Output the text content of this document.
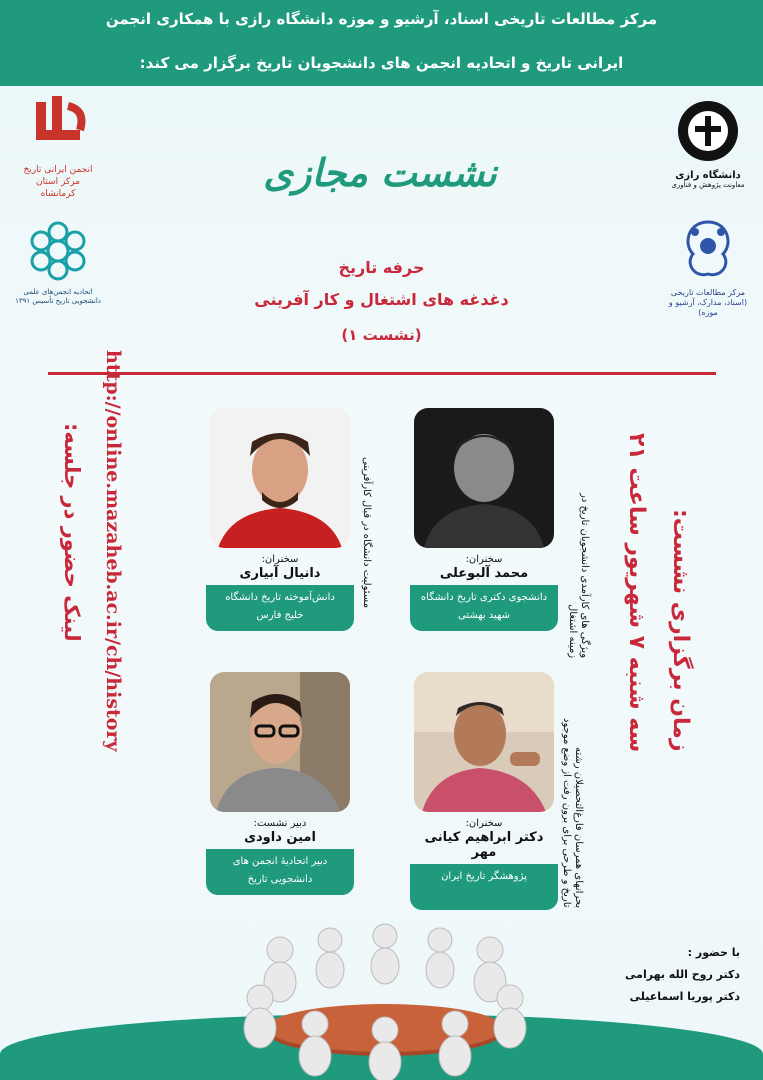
مرکز مطالعات تاریخی اسناد، آرشیو و موزه دانشگاه رازی با همکاری انجمن
ایرانی تاریخ و اتحادیه انجمن های دانشجویان تاریخ برگزار می کند:
انجمن ایرانی تاریخ مرکز استان کرمانشاه
اتحادیه انجمن‌های علمی دانشجویی تاریخ تأسیس ۱۳۹۱
دانشگاه رازی
معاونت پژوهش و فناوری
مرکز مطالعات تاریخی (اسناد، مدارک، آرشیو و موزه)
نشست مجازی
حرفه تاریخ
دغدغه های اشتغال و کار آفرینی
(نشست ۱)
زمان برگزاری نشست:
سه شنبه ۷ شهریور ساعت ۲۱
لینک حضور در جلسه: http://online.mazaheb.ac.ir/ch/history	سخنران:
محمد آلبوعلی
دانشجوی دکتری تاریخ دانشگاه
شهید بهشتی	ویژگی های کارآمدی دانشجویان تاریخ در
زمینه اشتغال
سخنران:
دانیال آبیاری
دانش‌آموخته تاریخ دانشگاه
خلیج فارس
مسئولیت دانشگاه در قبال کارآفرینی
سخنران:
دکتر ابراهیم کیانی مهر
پژوهشگر تاریخ ایران	بحرانهای همرسان فارغ‌التحصیلان رشته
تاریخ و طرحی برای برون رفت از وضع موجود
دبیر نشست:
امین داودی
دبیر اتحادیهٔ انجمن های
دانشجویی تاریخ
با حضور :
دکتر روح الله بهرامی
دکتر پوریا اسماعیلی
